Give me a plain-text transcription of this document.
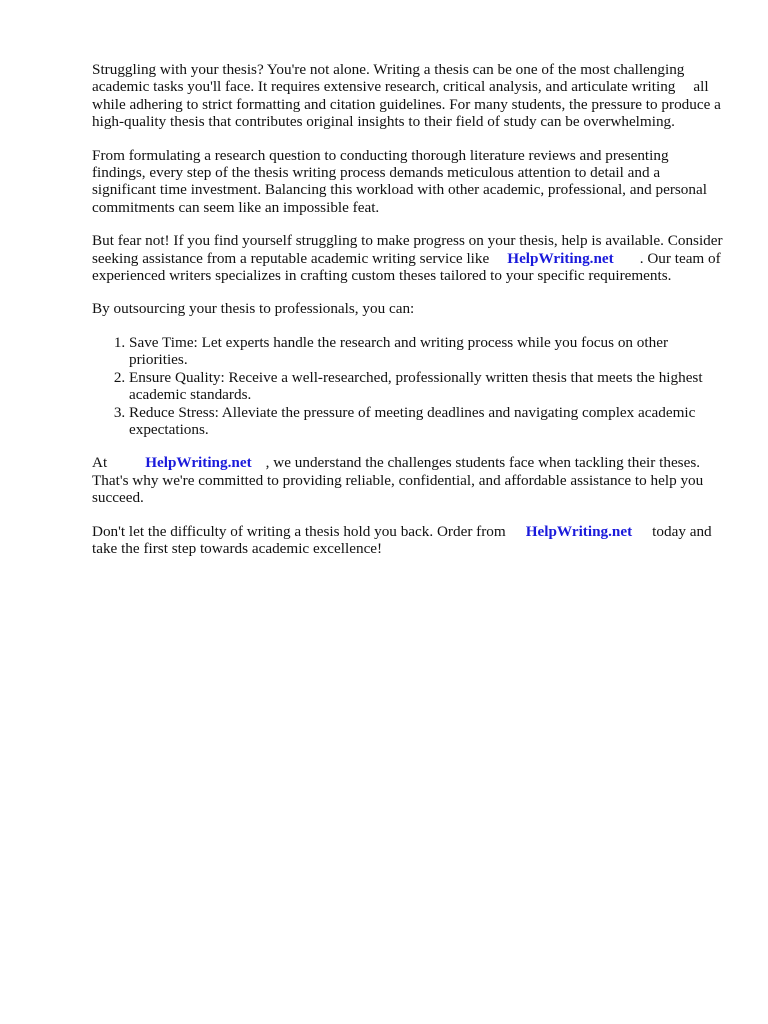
Struggling with your thesis? You're not alone. Writing a thesis can be one of the most challenging academic tasks you'll face. It requires extensive research, critical analysis, and articulate writing all while adhering to strict formatting and citation guidelines. For many students, the pressure to produce a high-quality thesis that contributes original insights to their field of study can be overwhelming.

From formulating a research question to conducting thorough literature reviews and presenting findings, every step of the thesis writing process demands meticulous attention to detail and a significant time investment. Balancing this workload with other academic, professional, and personal commitments can seem like an impossible feat.

But fear not! If you find yourself struggling to make progress on your thesis, help is available. Consider seeking assistance from a reputable academic writing service like HelpWriting.net . Our team of experienced writers specializes in crafting custom theses tailored to your specific requirements.

By outsourcing your thesis to professionals, you can:

1. Save Time: Let experts handle the research and writing process while you focus on other priorities.
2. Ensure Quality: Receive a well-researched, professionally written thesis that meets the highest academic standards.
3. Reduce Stress: Alleviate the pressure of meeting deadlines and navigating complex academic expectations.

At	HelpWriting.net , we understand the challenges students face when tackling their theses. That's why we're committed to providing reliable, confidential, and affordable assistance to help you succeed.

Don't let the difficulty of writing a thesis hold you back. Order from HelpWriting.net today and take the first step towards academic excellence!
